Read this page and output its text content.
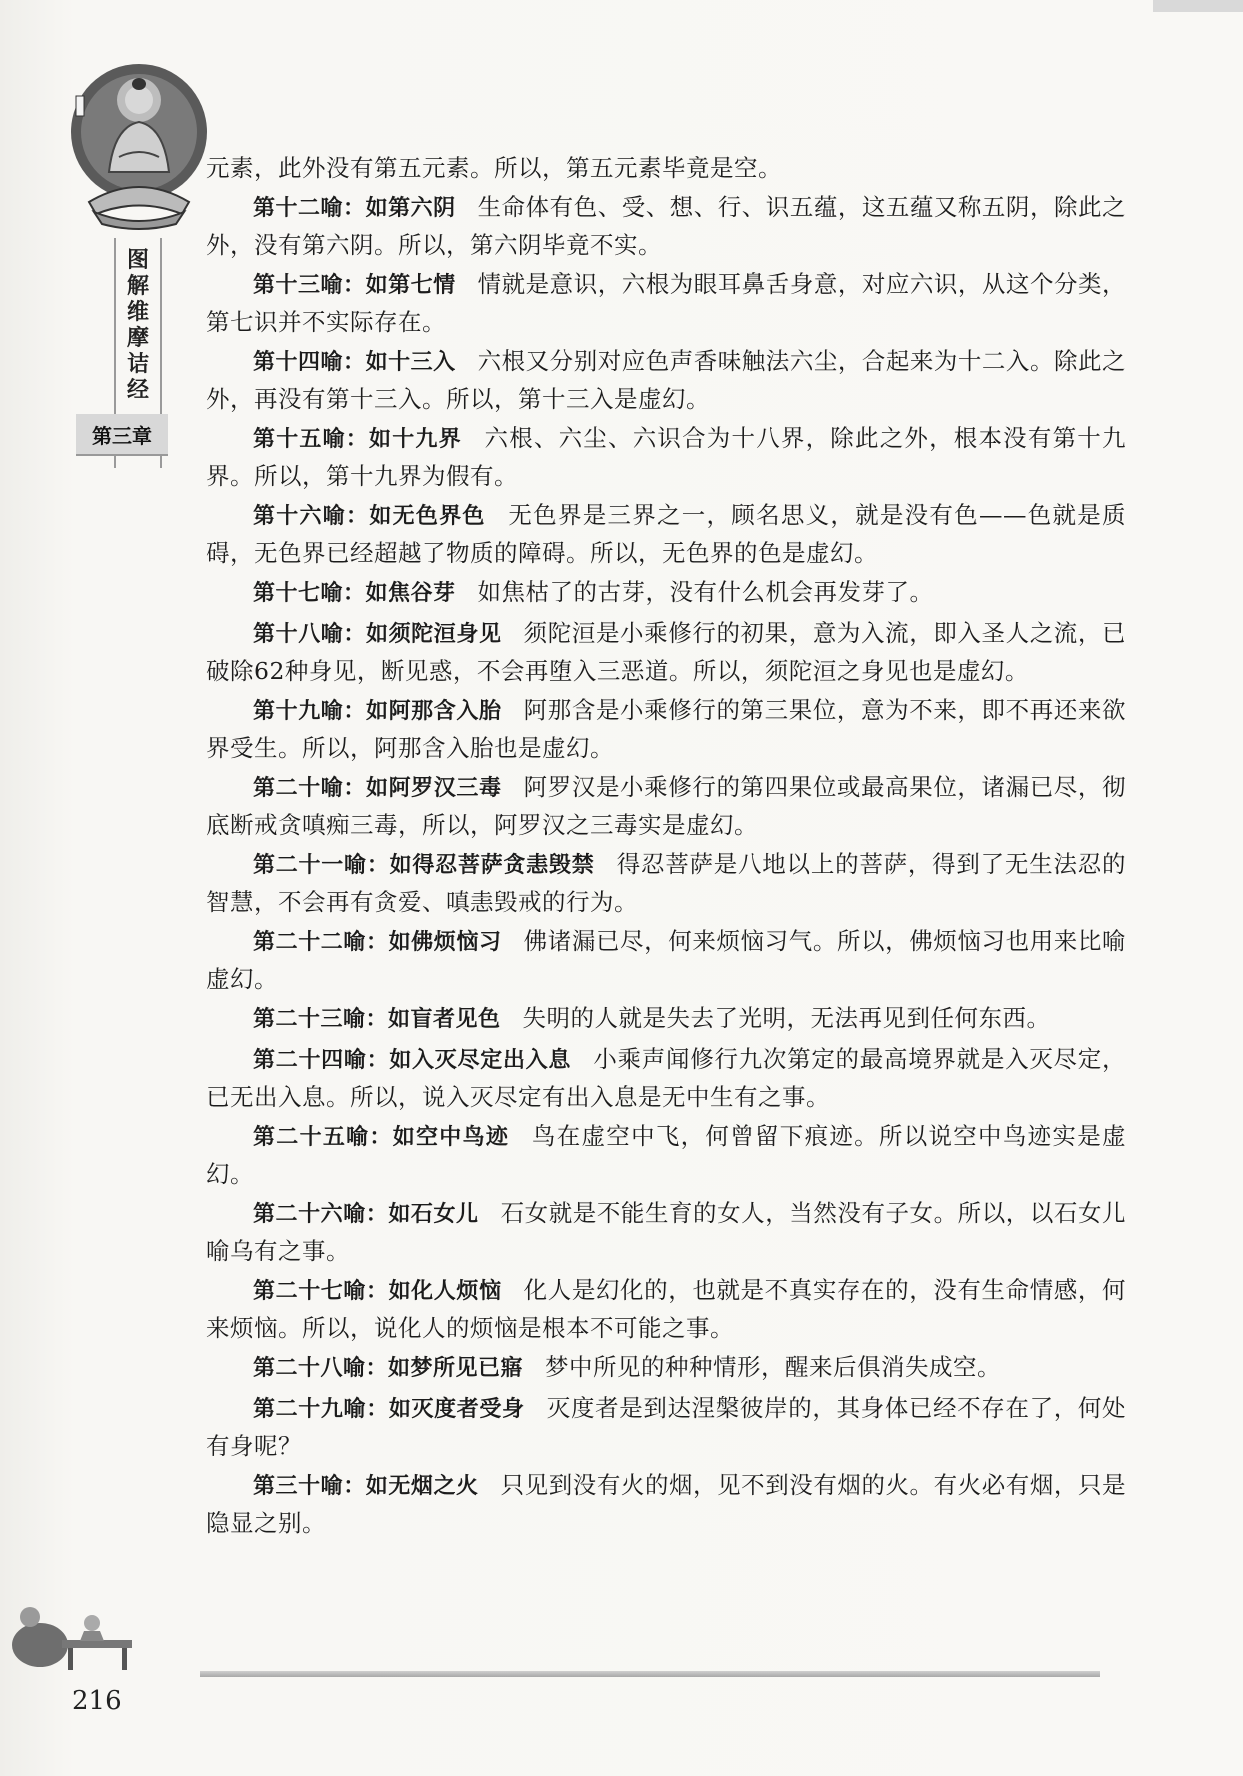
图
解
维
摩
诘
经
第三章

元素，此外没有第五元素。所以，第五元素毕竟是空。

第十二喻：如第六阴 生命体有色、受、想、行、识五蕴，这五蕴又称五阴，除此之外，没有第六阴。所以，第六阴毕竟不实。

第十三喻：如第七情 情就是意识，六根为眼耳鼻舌身意，对应六识，从这个分类，第七识并不实际存在。

第十四喻：如十三入 六根又分别对应色声香味触法六尘，合起来为十二入。除此之外，再没有第十三入。所以，第十三入是虚幻。

第十五喻：如十九界 六根、六尘、六识合为十八界，除此之外，根本没有第十九界。所以，第十九界为假有。

第十六喻：如无色界色 无色界是三界之一，顾名思义，就是没有色——色就是质碍，无色界已经超越了物质的障碍。所以，无色界的色是虚幻。

第十七喻：如焦谷芽 如焦枯了的古芽，没有什么机会再发芽了。

第十八喻：如须陀洹身见 须陀洹是小乘修行的初果，意为入流，即入圣人之流，已破除62种身见，断见惑，不会再堕入三恶道。所以，须陀洹之身见也是虚幻。

第十九喻：如阿那含入胎 阿那含是小乘修行的第三果位，意为不来，即不再还来欲界受生。所以，阿那含入胎也是虚幻。

第二十喻：如阿罗汉三毒 阿罗汉是小乘修行的第四果位或最高果位，诸漏已尽，彻底断戒贪嗔痴三毒，所以，阿罗汉之三毒实是虚幻。

第二十一喻：如得忍菩萨贪恚毁禁 得忍菩萨是八地以上的菩萨，得到了无生法忍的智慧，不会再有贪爱、嗔恚毁戒的行为。

第二十二喻：如佛烦恼习 佛诸漏已尽，何来烦恼习气。所以，佛烦恼习也用来比喻虚幻。

第二十三喻：如盲者见色 失明的人就是失去了光明，无法再见到任何东西。

第二十四喻：如入灭尽定出入息 小乘声闻修行九次第定的最高境界就是入灭尽定，已无出入息。所以，说入灭尽定有出入息是无中生有之事。

第二十五喻：如空中鸟迹 鸟在虚空中飞，何曾留下痕迹。所以说空中鸟迹实是虚幻。

第二十六喻：如石女儿 石女就是不能生育的女人，当然没有子女。所以，以石女儿喻乌有之事。

第二十七喻：如化人烦恼 化人是幻化的，也就是不真实存在的，没有生命情感，何来烦恼。所以，说化人的烦恼是根本不可能之事。

第二十八喻：如梦所见已寤 梦中所见的种种情形，醒来后俱消失成空。

第二十九喻：如灭度者受身 灭度者是到达涅槃彼岸的，其身体已经不存在了，何处有身呢？

第三十喻：如无烟之火 只见到没有火的烟，见不到没有烟的火。有火必有烟，只是隐显之别。

216
